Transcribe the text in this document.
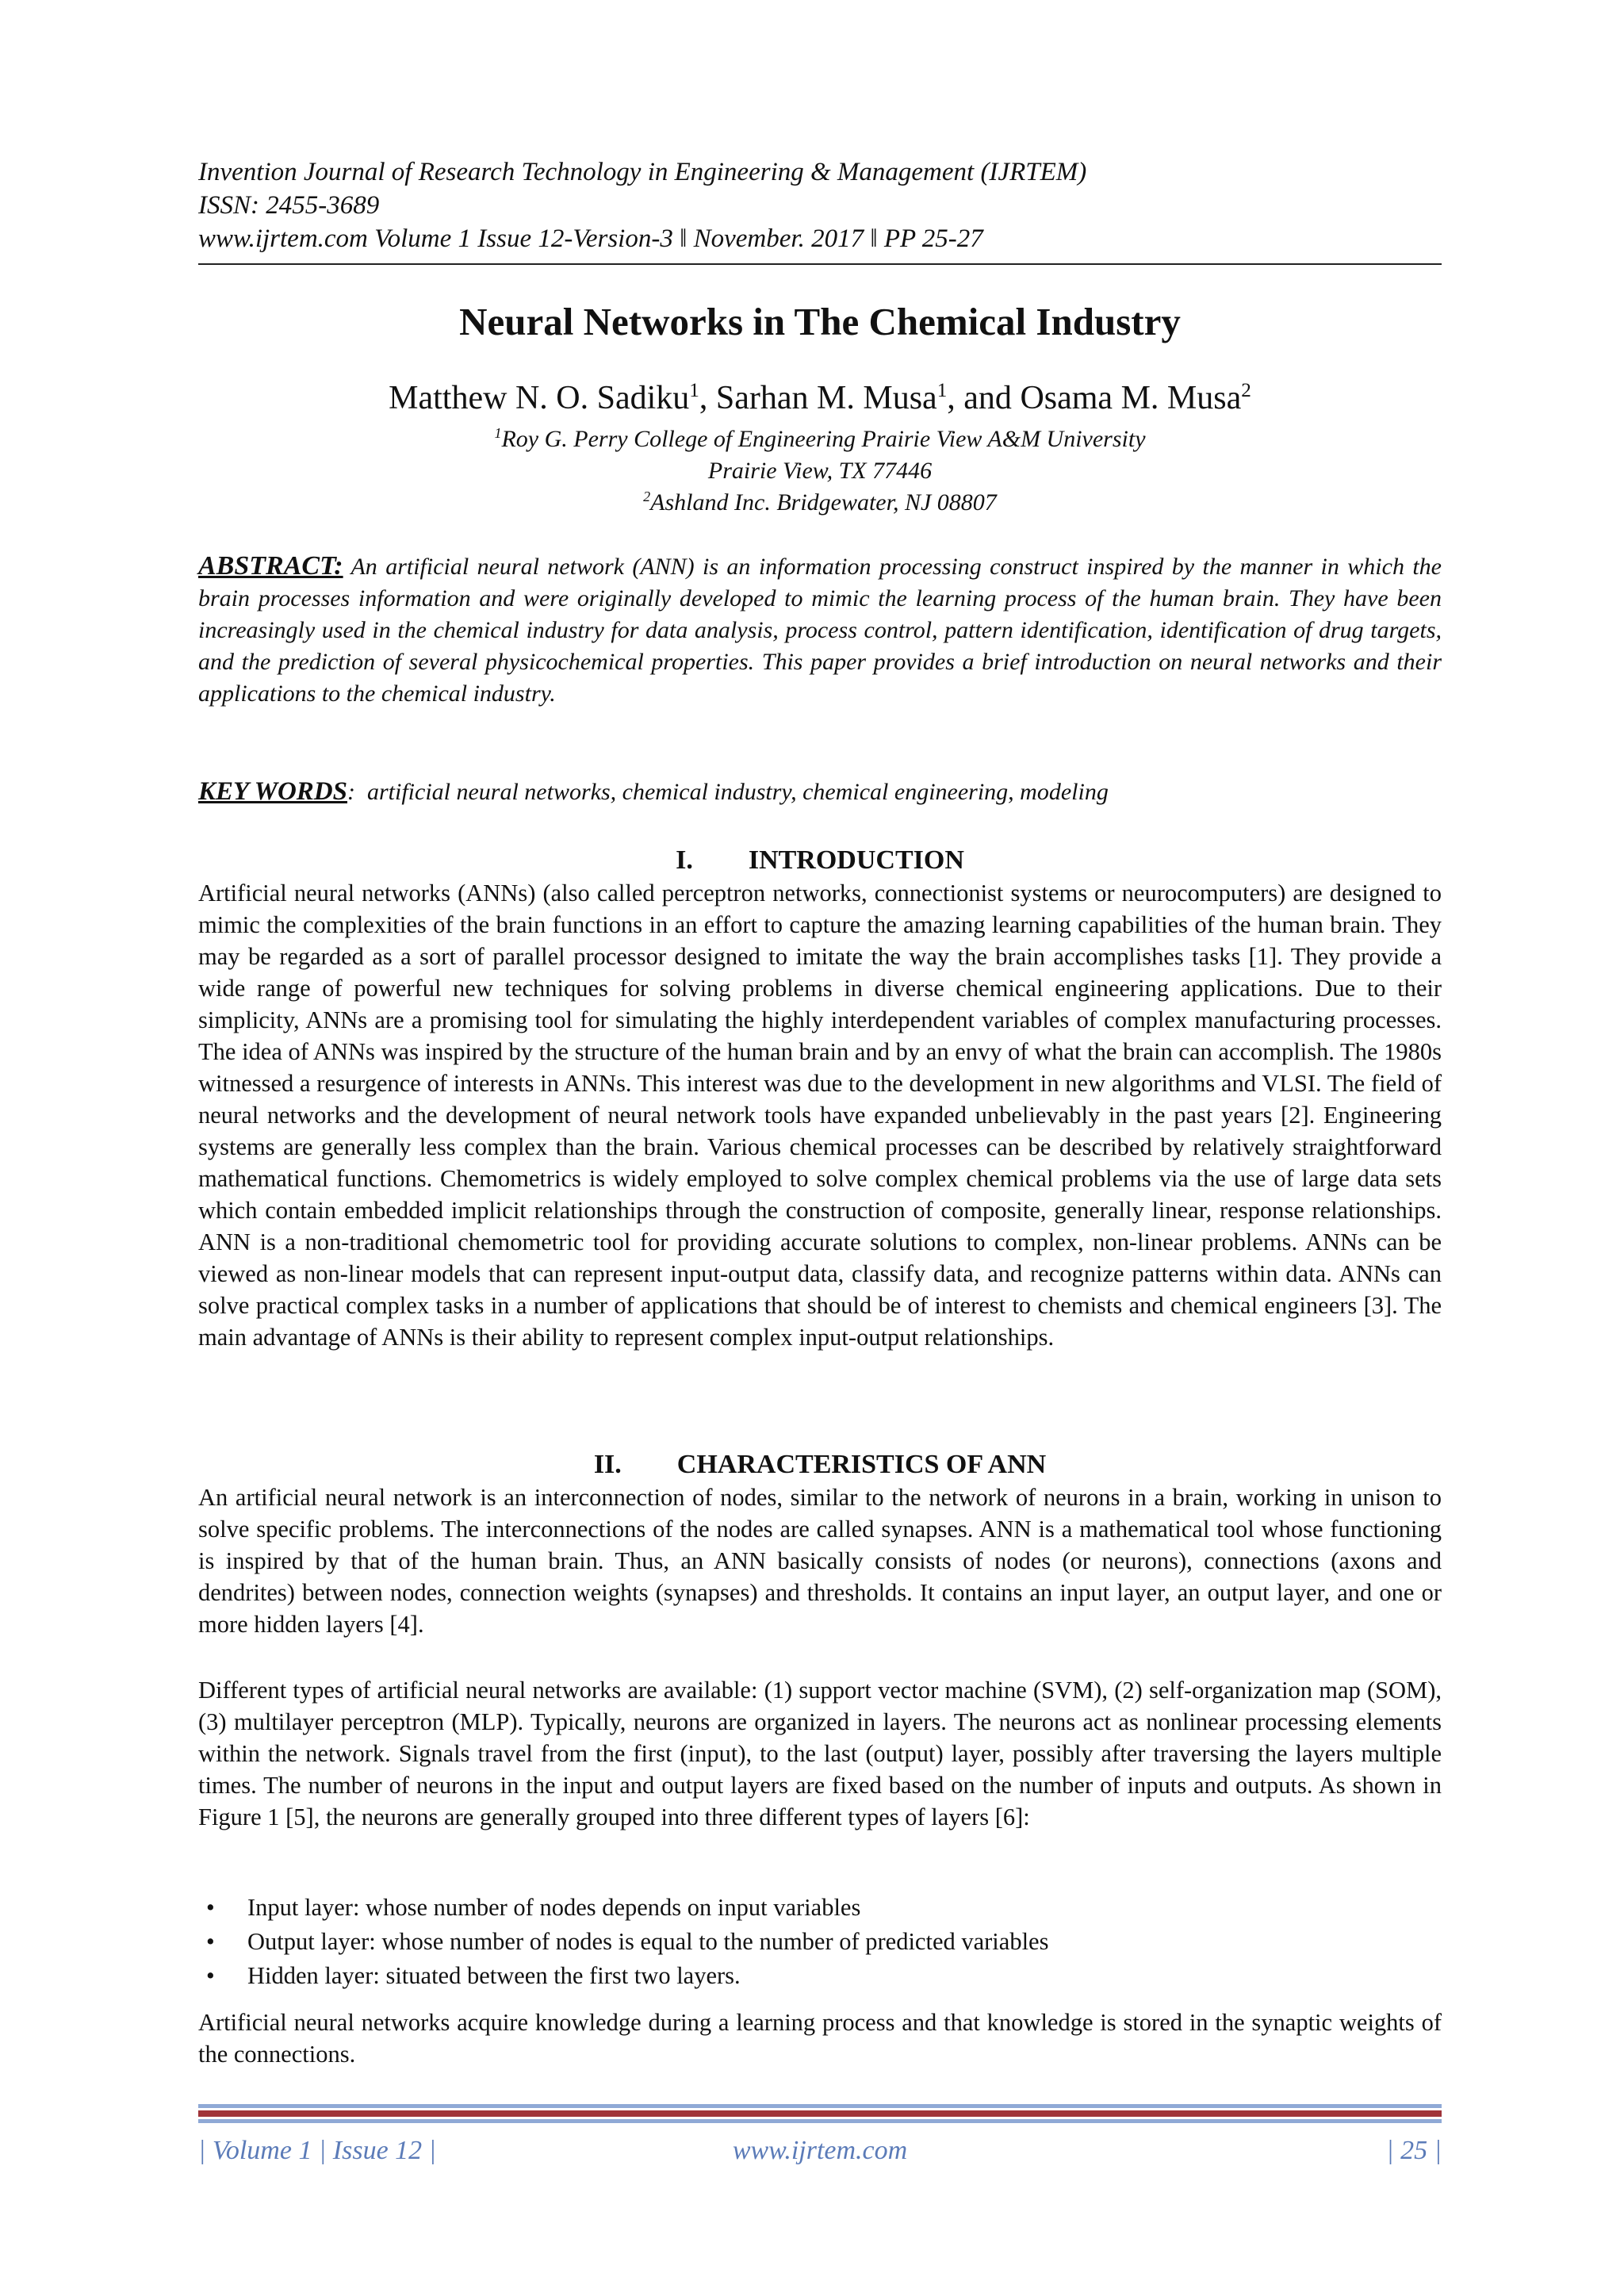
Invention Journal of Research Technology in Engineering & Management (IJRTEM)
ISSN: 2455-3689
www.ijrtem.com Volume 1 Issue 12-Version-3 ǁ November. 2017 ǁ PP 25-27
Neural Networks in The Chemical Industry
Matthew N. O. Sadiku$^1$, Sarhan M. Musa$^1$, and Osama M. Musa$^2$
$^1$Roy G. Perry College of Engineering Prairie View A&M University
Prairie View, TX 77446
$^2$Ashland Inc. Bridgewater, NJ 08807
ABSTRACT: An artificial neural network (ANN) is an information processing construct inspired by the manner in which the brain processes information and were originally developed to mimic the learning process of the human brain. They have been increasingly used in the chemical industry for data analysis, process control, pattern identification, identification of drug targets, and the prediction of several physicochemical properties. This paper provides a brief introduction on neural networks and their applications to the chemical industry.
KEY WORDS: artificial neural networks, chemical industry, chemical engineering, modeling
I. INTRODUCTION
Artificial neural networks (ANNs) (also called perceptron networks, connectionist systems or neurocomputers) are designed to mimic the complexities of the brain functions in an effort to capture the amazing learning capabilities of the human brain. They may be regarded as a sort of parallel processor designed to imitate the way the brain accomplishes tasks [1]. They provide a wide range of powerful new techniques for solving problems in diverse chemical engineering applications. Due to their simplicity, ANNs are a promising tool for simulating the highly interdependent variables of complex manufacturing processes. The idea of ANNs was inspired by the structure of the human brain and by an envy of what the brain can accomplish. The 1980s witnessed a resurgence of interests in ANNs. This interest was due to the development in new algorithms and VLSI. The field of neural networks and the development of neural network tools have expanded unbelievably in the past years [2]. Engineering systems are generally less complex than the brain. Various chemical processes can be described by relatively straightforward mathematical functions. Chemometrics is widely employed to solve complex chemical problems via the use of large data sets which contain embedded implicit relationships through the construction of composite, generally linear, response relationships. ANN is a non-traditional chemometric tool for providing accurate solutions to complex, non-linear problems. ANNs can be viewed as non-linear models that can represent input-output data, classify data, and recognize patterns within data. ANNs can solve practical complex tasks in a number of applications that should be of interest to chemists and chemical engineers [3]. The main advantage of ANNs is their ability to represent complex input-output relationships.
II. CHARACTERISTICS OF ANN
An artificial neural network is an interconnection of nodes, similar to the network of neurons in a brain, working in unison to solve specific problems. The interconnections of the nodes are called synapses. ANN is a mathematical tool whose functioning is inspired by that of the human brain. Thus, an ANN basically consists of nodes (or neurons), connections (axons and dendrites) between nodes, connection weights (synapses) and thresholds. It contains an input layer, an output layer, and one or more hidden layers [4].
Different types of artificial neural networks are available: (1) support vector machine (SVM), (2) self-organization map (SOM), (3) multilayer perceptron (MLP). Typically, neurons are organized in layers. The neurons act as nonlinear processing elements within the network. Signals travel from the first (input), to the last (output) layer, possibly after traversing the layers multiple times. The number of neurons in the input and output layers are fixed based on the number of inputs and outputs. As shown in Figure 1 [5], the neurons are generally grouped into three different types of layers [6]:
• Input layer: whose number of nodes depends on input variables
• Output layer: whose number of nodes is equal to the number of predicted variables
• Hidden layer: situated between the first two layers.
Artificial neural networks acquire knowledge during a learning process and that knowledge is stored in the synaptic weights of the connections.
| Volume 1 | Issue 12 |	www.ijrtem.com	| 25 |
